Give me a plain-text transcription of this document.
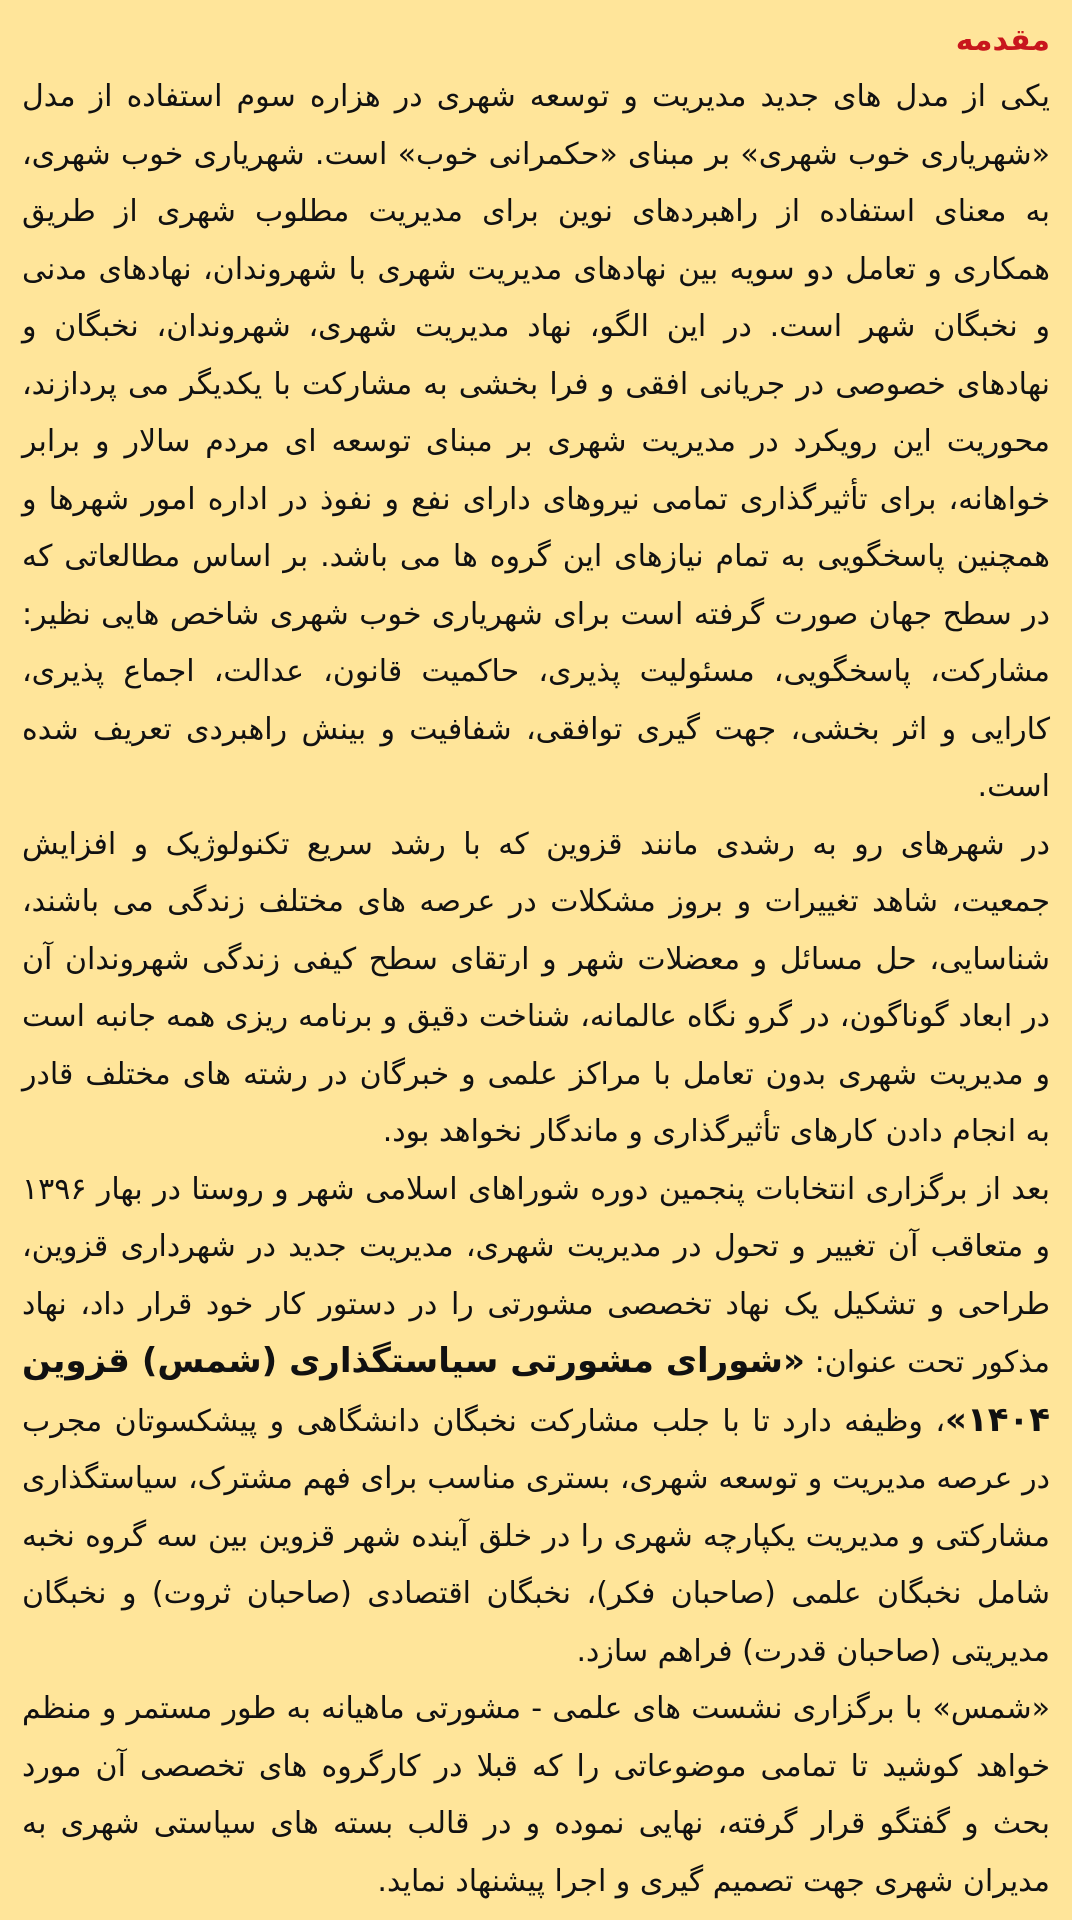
مقدمه

یکی از مدل های جدید مدیریت و توسعه شهری در هزاره سوم استفاده از مدل «شهریاری خوب شهری» بر مبنای «حکمرانی خوب» است. شهریاری خوب شهری، به معنای استفاده از راهبردهای نوین برای مدیریت مطلوب شهری از طریق همکاری و تعامل دو سویه بین نهادهای مدیریت شهری با شهروندان، نهادهای مدنی و نخبگان شهر است. در این الگو، نهاد مدیریت شهری، شهروندان، نخبگان و نهادهای خصوصی در جریانی افقی و فرا بخشی به مشارکت با یکدیگر می پردازند، محوریت این رویکرد در مدیریت شهری بر مبنای توسعه ای مردم سالار و برابر خواهانه، برای تأثیرگذاری تمامی نیروهای دارای نفع و نفوذ در اداره امور شهرها و همچنین پاسخگویی به تمام نیازهای این گروه ها می باشد. بر اساس مطالعاتی که در سطح جهان صورت گرفته است برای شهریاری خوب شهری شاخص هایی نظیر: مشارکت، پاسخگویی، مسئولیت پذیری، حاکمیت قانون، عدالت، اجماع پذیری، کارایی و اثر بخشی، جهت گیری توافقی، شفافیت و بینش راهبردی تعریف شده است.

در شهرهای رو به رشدی مانند قزوین که با رشد سریع تکنولوژیک و افزایش جمعیت، شاهد تغییرات و بروز مشکلات در عرصه های مختلف زندگی می باشند، شناسایی، حل مسائل و معضلات شهر و ارتقای سطح کیفی زندگی شهروندان آن در ابعاد گوناگون، در گرو نگاه عالمانه، شناخت دقیق و برنامه ریزی همه جانبه است و مدیریت شهری بدون تعامل با مراکز علمی و خبرگان در رشته های مختلف قادر به انجام دادن کارهای تأثیرگذاری و ماندگار نخواهد بود.

بعد از برگزاری انتخابات پنجمین دوره شوراهای اسلامی شهر و روستا در بهار ۱۳۹۶ و متعاقب آن تغییر و تحول در مدیریت شهری، مدیریت جدید در شهرداری قزوین، طراحی و تشکیل یک نهاد تخصصی مشورتی را در دستور کار خود قرار داد، نهاد مذکور تحت عنوان: «شورای مشورتی سیاستگذاری (شمس) قزوین ۱۴۰۴»، وظیفه دارد تا با جلب مشارکت نخبگان دانشگاهی و پیشکسوتان مجرب در عرصه مدیریت و توسعه شهری، بستری مناسب برای فهم مشترک، سیاستگذاری مشارکتی و مدیریت یکپارچه شهری را در خلق آینده شهر قزوین بین سه گروه نخبه شامل نخبگان علمی (صاحبان فکر)، نخبگان اقتصادی (صاحبان ثروت) و نخبگان مدیریتی (صاحبان قدرت) فراهم سازد.

«شمس» با برگزاری نشست های علمی - مشورتی ماهیانه به طور مستمر و منظم خواهد کوشید تا تمامی موضوعاتی را که قبلا در کارگروه های تخصصی آن مورد بحث و گفتگو قرار گرفته، نهایی نموده و در قالب بسته های سیاستی شهری به مدیران شهری جهت تصمیم گیری و اجرا پیشنهاد نماید.
